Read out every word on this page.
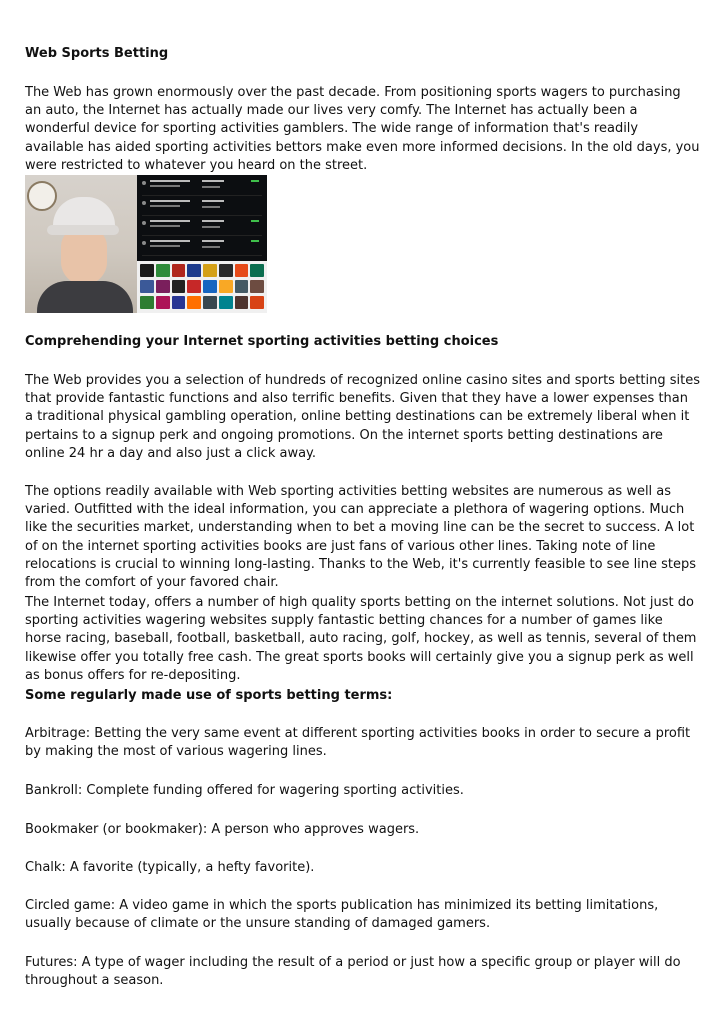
Web Sports Betting

The Web has grown enormously over the past decade. From positioning sports wagers to purchasing an auto, the Internet has actually made our lives very comfy. The Internet has actually been a wonderful device for sporting activities gamblers. The wide range of information that's readily available has aided sporting activities bettors make even more informed decisions. In the old days, you were restricted to whatever you heard on the street.

Comprehending your Internet sporting activities betting choices

The Web provides you a selection of hundreds of recognized online casino sites and sports betting sites that provide fantastic functions and also terrific benefits. Given that they have a lower expenses than a traditional physical gambling operation, online betting destinations can be extremely liberal when it pertains to a signup perk and ongoing promotions. On the internet sports betting destinations are online 24 hr a day and also just a click away.

The options readily available with Web sporting activities betting websites are numerous as well as varied. Outfitted with the ideal information, you can appreciate a plethora of wagering options. Much like the securities market, understanding when to bet a moving line can be the secret to success. A lot of on the internet sporting activities books are just fans of various other lines. Taking note of line relocations is crucial to winning long-lasting. Thanks to the Web, it's currently feasible to see line steps from the comfort of your favored chair.

The Internet today, offers a number of high quality sports betting on the internet solutions. Not just do sporting activities wagering websites supply fantastic betting chances for a number of games like horse racing, baseball, football, basketball, auto racing, golf, hockey, as well as tennis, several of them likewise offer you totally free cash. The great sports books will certainly give you a signup perk as well as bonus offers for re-depositing.

Some regularly made use of sports betting terms:

Arbitrage: Betting the very same event at different sporting activities books in order to secure a profit by making the most of various wagering lines.

Bankroll: Complete funding offered for wagering sporting activities.

Bookmaker (or bookmaker): A person who approves wagers.

Chalk: A favorite (typically, a hefty favorite).

Circled game: A video game in which the sports publication has minimized its betting limitations, usually because of climate or the unsure standing of damaged gamers.

Futures: A type of wager including the result of a period or just how a specific group or player will do throughout a season.
